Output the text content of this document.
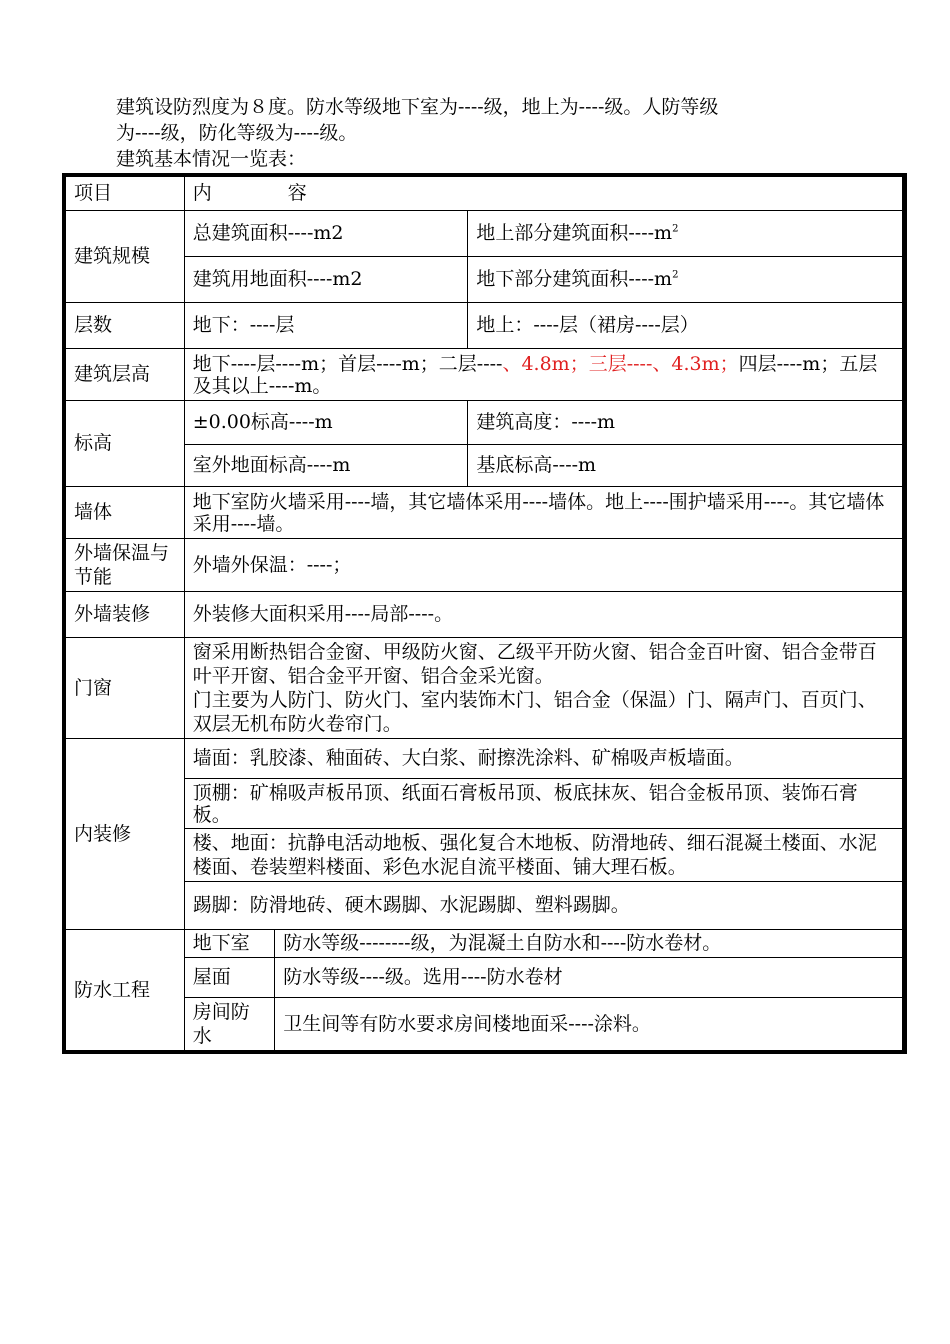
建筑设防烈度为８度。防水等级地下室为----级，地上为----级。人防等级

为----级，防化等级为----级。

建筑基本情况一览表：

项目	内　　　　容		
建筑规模	总建筑面积----m2		地上部分建筑面积$----m^2$
	建筑用地面积----m2		地下部分建筑面积$----m^2$
层数	地下：----层		地上：----层（裙房----层）
建筑层高	地下----层----m；首层----m；二层----、4.8m；三层----、4.3m；四层----m；五层及其以上----m。		
标高	±0.00标高----m		建筑高度：----m
	室外地面标高----m		基底标高----m
墙体	地下室防火墙采用----墙，其它墙体采用----墙体。地上----围护墙采用----。其它墙体采用----墙。		
外墙保温与节能	外墙外保温：----；		
外墙装修	外装修大面积采用----局部----。		
门窗	窗采用断热铝合金窗、甲级防火窗、乙级平开防火窗、铝合金百叶窗、铝合金带百叶平开窗、铝合金平开窗、铝合金采光窗。
门主要为人防门、防火门、室内装饰木门、铝合金（保温）门、隔声门、百页门、双层无机布防火卷帘门。		

内装修	墙面：乳胶漆、釉面砖、大白浆、耐擦洗涂料、矿棉吸声板墙面。		
	顶棚：矿棉吸声板吊顶、纸面石膏板吊顶、板底抹灰、铝合金板吊顶、装饰石膏板。		
	楼、地面：抗静电活动地板、强化复合木地板、防滑地砖、细石混凝土楼面、水泥楼面、卷装塑料楼面、彩色水泥自流平楼面、铺大理石板。		
	踢脚：防滑地砖、硬木踢脚、水泥踢脚、塑料踢脚。		
防水工程	地下室	防水等级--------级，为混凝土自防水和----防水卷材。	
	屋面	防水等级----级。选用----防水卷材	
	房间防水	卫生间等有防水要求房间楼地面采----涂料。	
